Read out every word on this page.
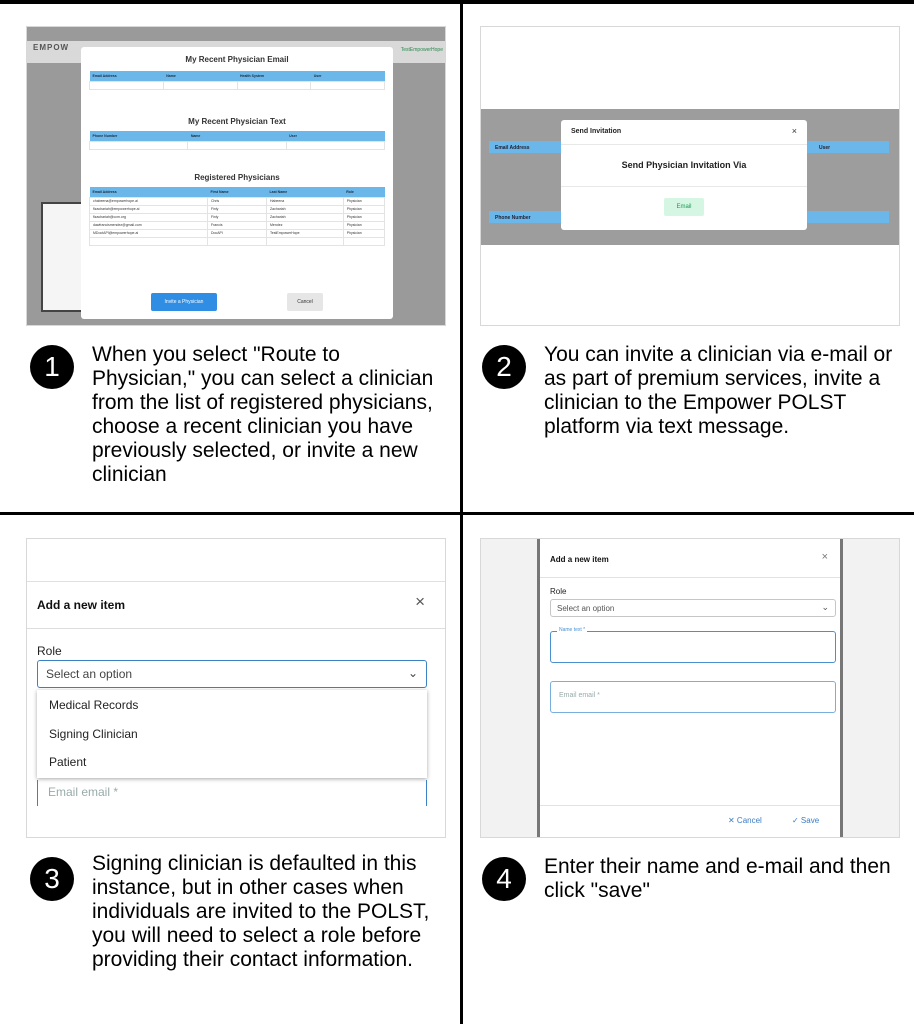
EMPOW	TestEmpowerHope
My Recent Physician Email
Email Address	Name	Health System	User

My Recent Physician Text
Phone Number	Name	User

Registered Physicians
Email Address	First Name	Last Name	Role
chabeena@empowerhope.ai	Chris	Habeena	Physician
flzachariah@empowerhope.ai	Finly	Zachariah	Physician
flzachariah@ccm.org	Finly	Zachariah	Physician
dawfrancismendez@gmail.com	Francis	Mendez	Physician
MDoctAPI@empowerhope.ai	DocAPI	TestEmpowerHope	Physician

Invite a Physician	Cancel
1	When you select "Route to Physician," you can select a clinician from the list of registered physicians, choose a recent clinician you have previously selected, or invite a new clinician
Email Address	User
Phone Number
Send Invitation	×
Send Physician Invitation Via
Email
2	You can invite a clinician via e-mail or as part of premium services, invite a clinician to the Empower POLST platform via text message.
Add a new item	×
Role
Select an option	⌄
Medical Records
Signing Clinician
Patient
Email email *
3	Signing clinician is defaulted in this instance, but in other cases when individuals are invited to the POLST, you will need to select a role before providing their contact information.
Add a new item	×
Role
Select an option	⌄
Name text *
Email email *
✕ Cancel	✓ Save
4	Enter their name and e-mail and then click "save"
